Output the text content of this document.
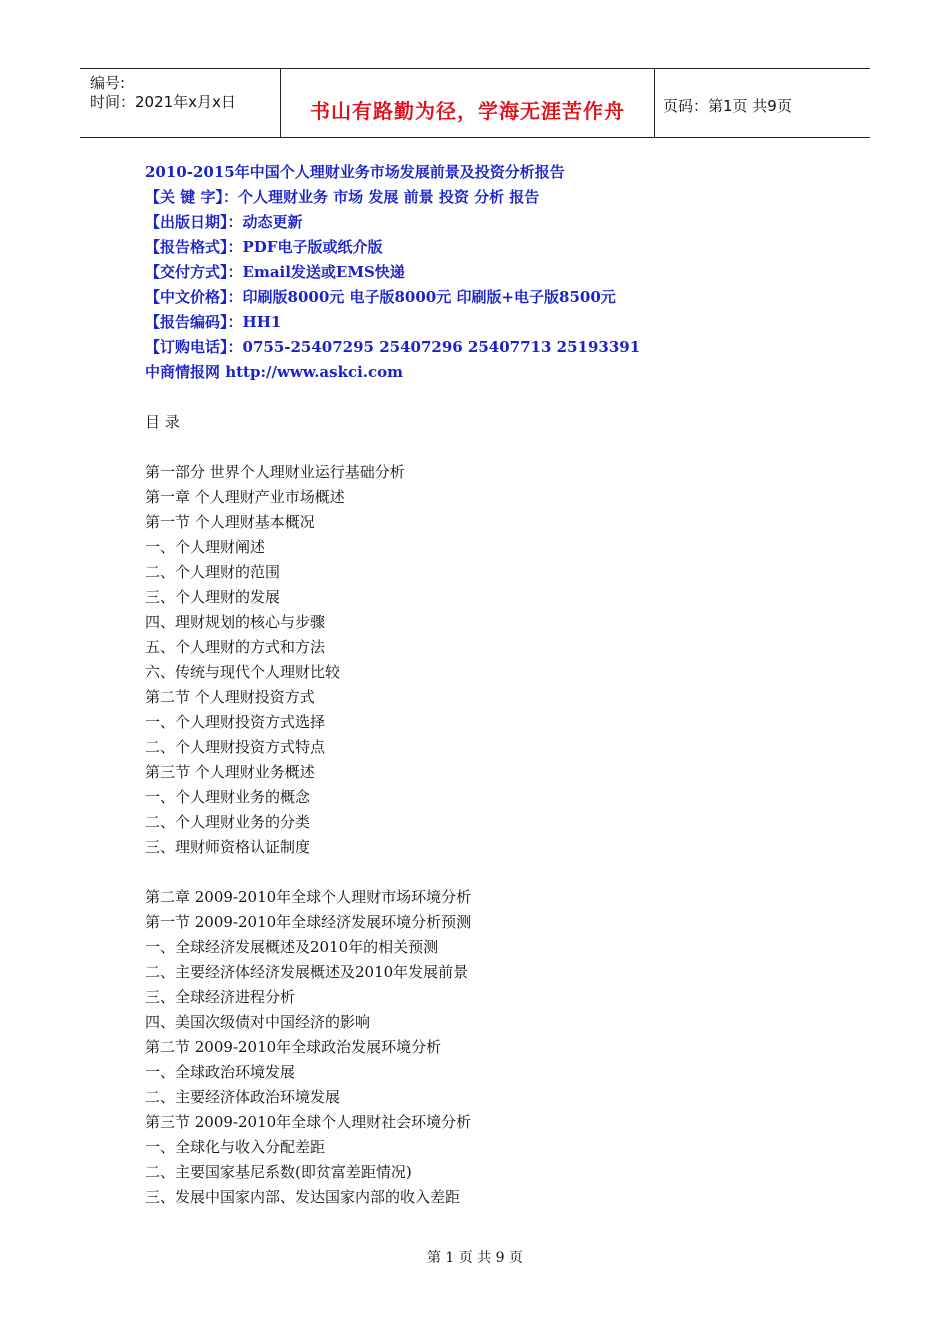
编号:
时间：2021年x月x日	书山有路勤为径，学海无涯苦作舟	页码：第1页 共9页
2010-2015年中国个人理财业务市场发展前景及投资分析报告
【关 键 字】：个人理财业务 市场 发展 前景 投资 分析 报告
【出版日期】：动态更新
【报告格式】：PDF电子版或纸介版
【交付方式】：Email发送或EMS快递
【中文价格】：印刷版8000元 电子版8000元 印刷版+电子版8500元
【报告编码】：HH1
【订购电话】：0755-25407295 25407296 25407713 25193391
中商情报网 http://www.askci.com
目 录
第一部分 世界个人理财业运行基础分析
第一章 个人理财产业市场概述
第一节 个人理财基本概况
一、个人理财阐述
二、个人理财的范围
三、个人理财的发展
四、理财规划的核心与步骤
五、个人理财的方式和方法
六、传统与现代个人理财比较
第二节 个人理财投资方式
一、个人理财投资方式选择
二、个人理财投资方式特点
第三节 个人理财业务概述
一、个人理财业务的概念
二、个人理财业务的分类
三、理财师资格认证制度
第二章 2009-2010年全球个人理财市场环境分析
第一节 2009-2010年全球经济发展环境分析预测
一、全球经济发展概述及2010年的相关预测
二、主要经济体经济发展概述及2010年发展前景
三、全球经济进程分析
四、美国次级债对中国经济的影响
第二节 2009-2010年全球政治发展环境分析
一、全球政治环境发展
二、主要经济体政治环境发展
第三节 2009-2010年全球个人理财社会环境分析
一、全球化与收入分配差距
二、主要国家基尼系数(即贫富差距情况)
三、发展中国家内部、发达国家内部的收入差距
第 1 页 共 9 页
